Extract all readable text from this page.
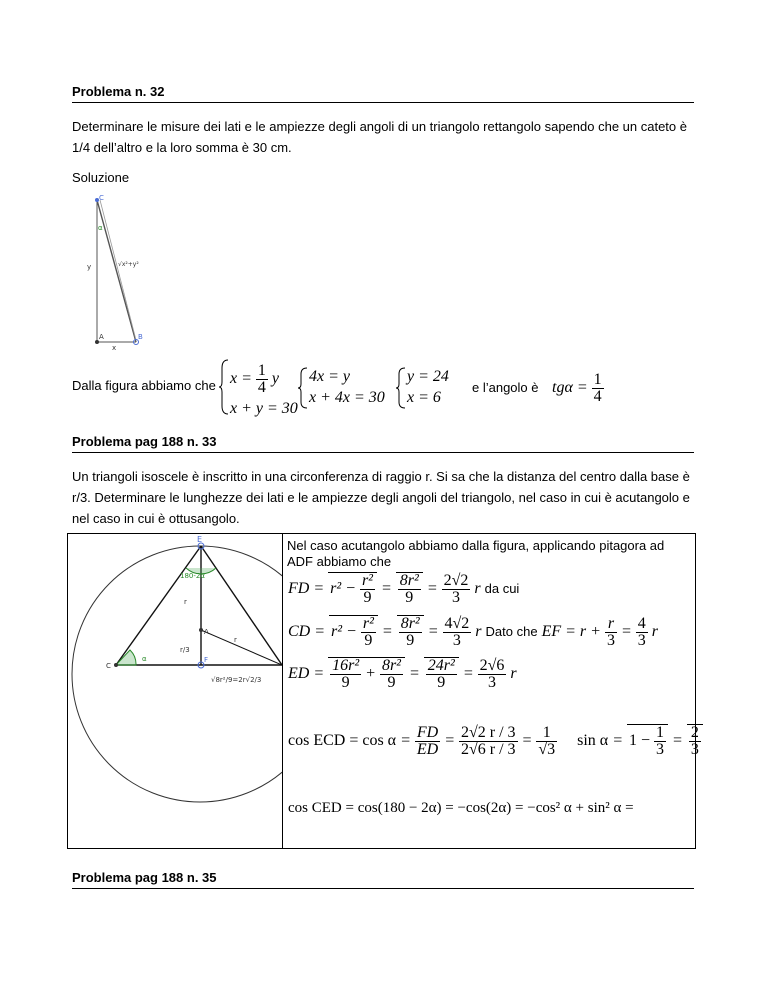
Problema n. 32
Determinare le misure dei lati e le ampiezze degli angoli di un triangolo rettangolo sapendo che un cateto è 1/4 dell’altro e la loro somma è 30 cm.
Soluzione
C
α
y	√x²+y²
A	B
x
Dalla figura abbiamo che $x = \frac{1}{4}$ y
x + y = 30
4x = y
x + 4x = 30
y = 24
x = 6
e l’angolo è $tg\alpha = \frac{1}{4}$
Problema pag 188 n. 33
Un triangoli isoscele è inscritto in una circonferenza di raggio r. Si sa che la distanza del centro dalla base è r/3. Determinare le lunghezze dei lati e le ampiezze degli angoli del triangolo, nel caso in cui è acutangolo e nel caso in cui è ottusangolo.
E
180-2α
r
A
r
r/3
C
α	F
√8r²/9=2r√2/3
Nel caso acutangolo abbiamo dalla figura, applicando pitagora ad ADF abbiamo che
FD = $r^2 - \frac{\text{r²}}{9} = \frac{\text{8r²}}{9} = \frac{2√2}{3}$ r da cui
CD = $r^2 - \frac{\text{r²}}{9} = \frac{\text{8r²}}{9} = \frac{4√2}{3}$ r Dato che EF = $r + \frac{r}{3} = \frac{4}{3}$ r
ED = $\frac{\text{16r²}}{9} + \frac{\text{8r²}}{9} = \frac{\text{24r²}}{9} = \frac{2√6}{3}$ r
cos ECD = $\cos \alpha = \frac{FD}{ED} = \frac{2√2 r / 3}{2√6 r / 3} = \frac{1}{√3}$ $\sin \alpha = 1 - \frac{1}{3} = \frac{2}{3}$
cos CED = cos(180 − 2α) = −cos(2α) = −cos² α + sin² α =
Problema pag 188 n. 35
